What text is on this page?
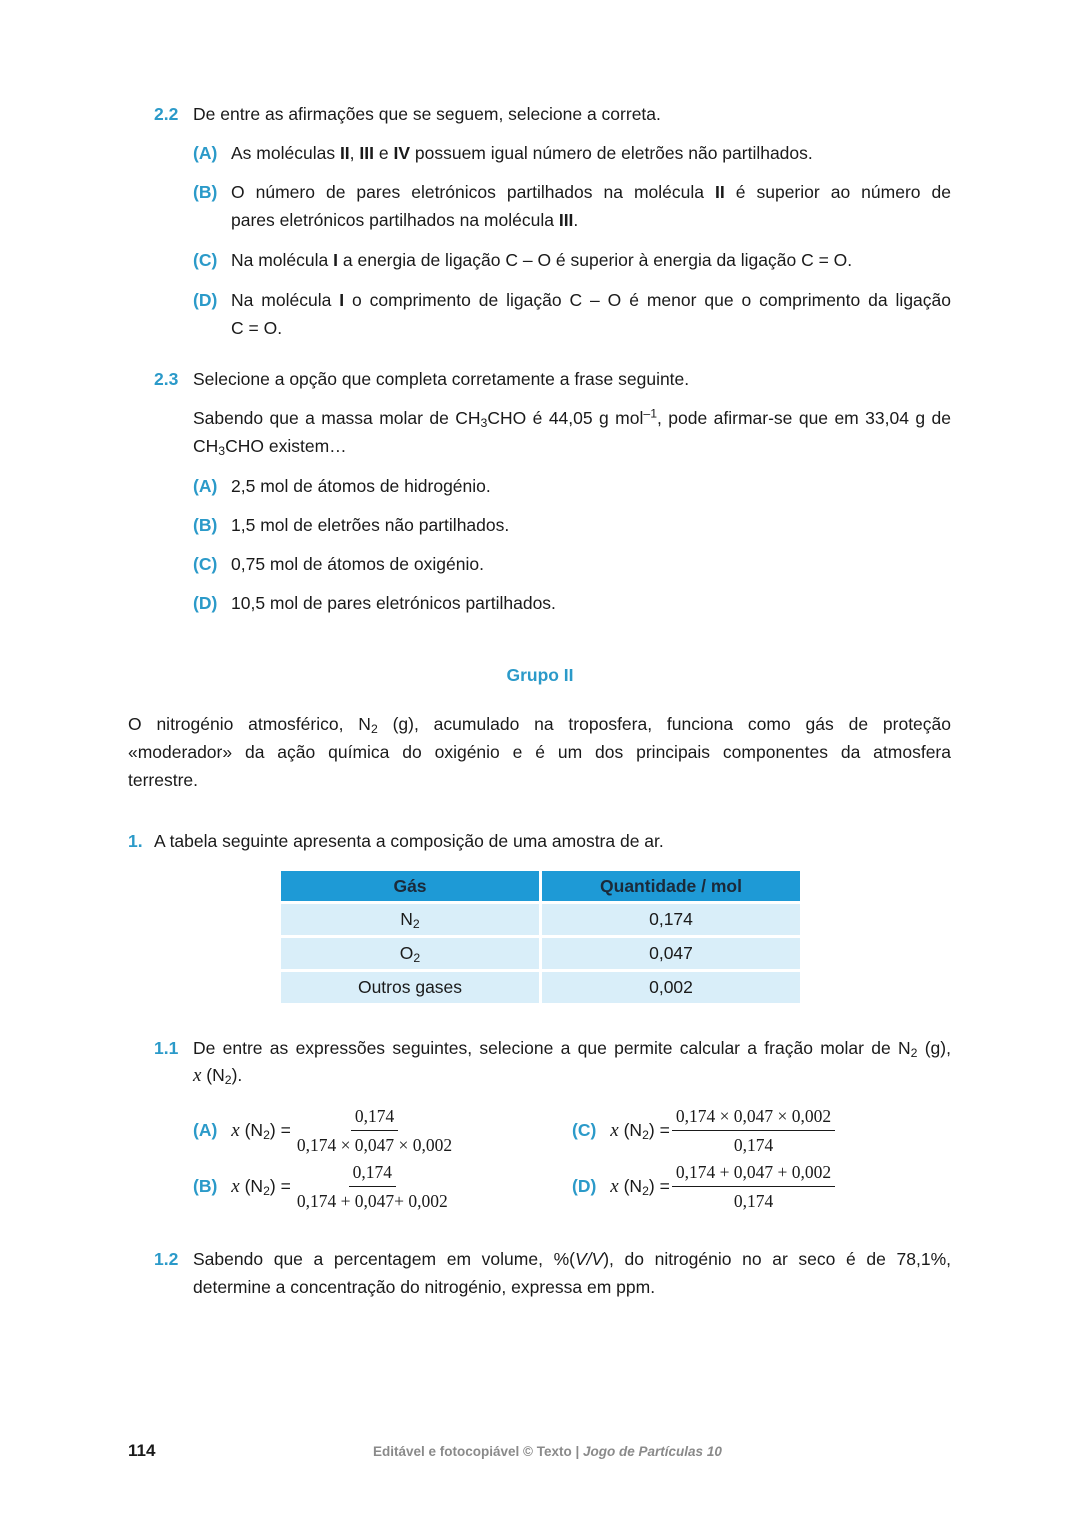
2.2 De entre as afirmações que se seguem, selecione a correta.
(A) As moléculas II, III e IV possuem igual número de eletrões não partilhados.
(B) O número de pares eletrónicos partilhados na molécula II é superior ao número de
pares eletrónicos partilhados na molécula III.
(C) Na molécula I a energia de ligação C – O é superior à energia da ligação C = O.
(D) Na molécula I o comprimento de ligação C – O é menor que o comprimento da ligação
C = O.
2.3 Selecione a opção que completa corretamente a frase seguinte.
Sabendo que a massa molar de $CH_3CHO$ é 44,05 g mol$^{-1}$, pode afirmar-se que em 33,04 g de
$CH_3CHO$ existem…
(A) 2,5 mol de átomos de hidrogénio.
(B) 1,5 mol de eletrões não partilhados.
(C) 0,75 mol de átomos de oxigénio.
(D) 10,5 mol de pares eletrónicos partilhados.
Grupo II
O nitrogénio atmosférico, $N_2$ (g), acumulado na troposfera, funciona como gás de proteção
«moderador» da ação química do oxigénio e é um dos principais componentes da atmosfera
terrestre.
1. A tabela seguinte apresenta a composição de uma amostra de ar.
Gás	Quantidade / mol
$N_2$	0,174
$O_2$	0,047
Outros gases	0,002
1.1 De entre as expressões seguintes, selecione a que permite calcular a fração molar de $N_2$ (g),
x $(N_2)$.
(A) x $(N_2) = \frac{0,174}{0,174 \times 0,047 \times 0,002}$
(B) x $(N_2) = \frac{0,174}{0,174 + 0,047+ 0,002}$
(C) x $(N_2) = \frac{0,174 \times 0,047 \times 0,002}{0,174}$
(D) x $(N_2) = \frac{0,174 + 0,047 + 0,002}{0,174}$
1.2 Sabendo que a percentagem em volume, %(V/V), do nitrogénio no ar seco é de 78,1%,
determine a concentração do nitrogénio, expressa em ppm.
114	Editável e fotocopiável © Texto | Jogo de Partículas 10
